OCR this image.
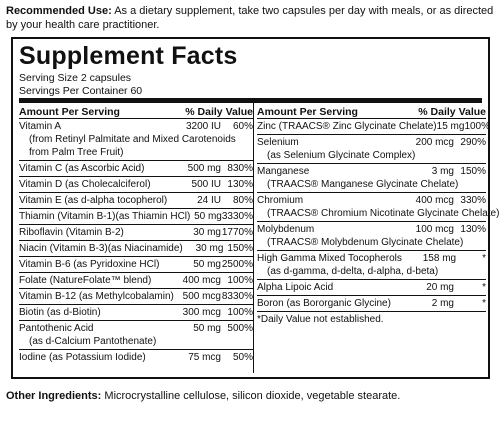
Recommended Use: As a dietary supplement, take two capsules per day with meals, or as directed by your health care practitioner.
Supplement Facts
Serving Size 2 capsules
Servings Per Container 60
Amount Per Serving	% Daily Value
Vitamin A	3200 IU	60%
(from Retinyl Palmitate and Mixed Carotenoids
from Palm Tree Fruit)
Vitamin C (as Ascorbic Acid)	500 mg 830%
Vitamin D (as Cholecalciferol)	500 IU 130%
Vitamin E (as d-alpha tocopherol)	24 IU	80%
Thiamin (Vitamin B-1)(as Thiamin HCl) 50 mg 3330%
Riboflavin (Vitamin B-2)	30 mg 1770%
Niacin (Vitamin B-3)(as Niacinamide)	30 mg 150%
Vitamin B-6 (as Pyridoxine HCl)	50 mg 2500%
Folate (NatureFolate™ blend)	400 mcg 100%
Vitamin B-12 (as Methylcobalamin) 500 mcg 8330%
Biotin (as d-Biotin)	300 mcg 100%
Pantothenic Acid	50 mg 500%
(as d-Calcium Pantothenate)
Iodine (as Potassium Iodide)	75 mcg	50%
Amount Per Serving	% Daily Value
Zinc (TRAACS® Zinc Glycinate Chelate) 15 mg 100%
Selenium	200 mcg 290%
(as Selenium Glycinate Complex)
Manganese	3 mg 150%
(TRAACS® Manganese Glycinate Chelate)
Chromium	400 mcg 330%
(TRAACS® Chromium Nicotinate Glycinate Chelate)
Molybdenum	100 mcg 130%
(TRAACS® Molybdenum Glycinate Chelate)
High Gamma Mixed Tocopherols	158 mg	*
(as d-gamma, d-delta, d-alpha, d-beta)
Alpha Lipoic Acid	20 mg	*
Boron (as Bororganic Glycine)	2 mg	*
*Daily Value not established.
Other Ingredients: Microcrystalline cellulose, silicon dioxide, vegetable stearate.
